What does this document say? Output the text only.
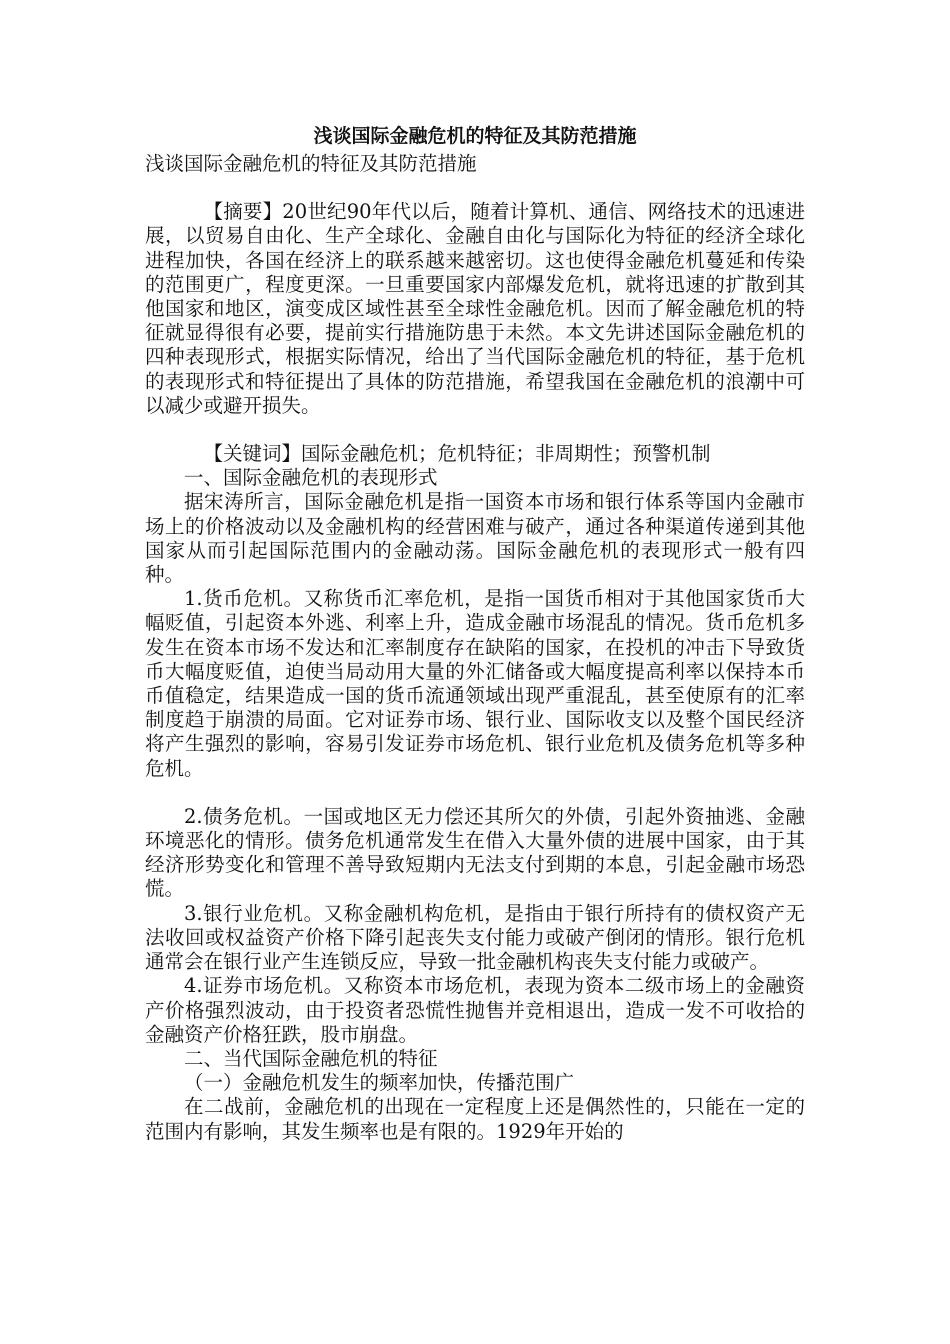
浅谈国际金融危机的特征及其防范措施

浅谈国际金融危机的特征及其防范措施

【摘要】20世纪90年代以后，随着计算机、通信、网络技术的迅速进展，以贸易自由化、生产全球化、金融自由化与国际化为特征的经济全球化进程加快，各国在经济上的联系越来越密切。这也使得金融危机蔓延和传染的范围更广，程度更深。一旦重要国家内部爆发危机，就将迅速的扩散到其他国家和地区，演变成区域性甚至全球性金融危机。因而了解金融危机的特征就显得很有必要，提前实行措施防患于未然。本文先讲述国际金融危机的四种表现形式，根据实际情况，给出了当代国际金融危机的特征，基于危机的表现形式和特征提出了具体的防范措施，希望我国在金融危机的浪潮中可以减少或避开损失。

【关键词】国际金融危机；危机特征；非周期性；预警机制

一、国际金融危机的表现形式

据宋涛所言，国际金融危机是指一国资本市场和银行体系等国内金融市场上的价格波动以及金融机构的经营困难与破产，通过各种渠道传递到其他国家从而引起国际范围内的金融动荡。国际金融危机的表现形式一般有四种。

1.货币危机。又称货币汇率危机，是指一国货币相对于其他国家货币大幅贬值，引起资本外逃、利率上升，造成金融市场混乱的情况。货币危机多发生在资本市场不发达和汇率制度存在缺陷的国家，在投机的冲击下导致货币大幅度贬值，迫使当局动用大量的外汇储备或大幅度提高利率以保持本币币值稳定，结果造成一国的货币流通领域出现严重混乱，甚至使原有的汇率制度趋于崩溃的局面。它对证券市场、银行业、国际收支以及整个国民经济将产生强烈的影响，容易引发证券市场危机、银行业危机及债务危机等多种危机。

2.债务危机。一国或地区无力偿还其所欠的外债，引起外资抽逃、金融环境恶化的情形。债务危机通常发生在借入大量外债的进展中国家，由于其经济形势变化和管理不善导致短期内无法支付到期的本息，引起金融市场恐慌。

3.银行业危机。又称金融机构危机，是指由于银行所持有的债权资产无法收回或权益资产价格下降引起丧失支付能力或破产倒闭的情形。银行危机通常会在银行业产生连锁反应，导致一批金融机构丧失支付能力或破产。

4.证券市场危机。又称资本市场危机，表现为资本二级市场上的金融资产价格强烈波动，由于投资者恐慌性抛售并竞相退出，造成一发不可收拾的金融资产价格狂跌，股市崩盘。

二、当代国际金融危机的特征

（一）金融危机发生的频率加快，传播范围广

在二战前，金融危机的出现在一定程度上还是偶然性的，只能在一定的范围内有影响，其发生频率也是有限的。1929年开始的
